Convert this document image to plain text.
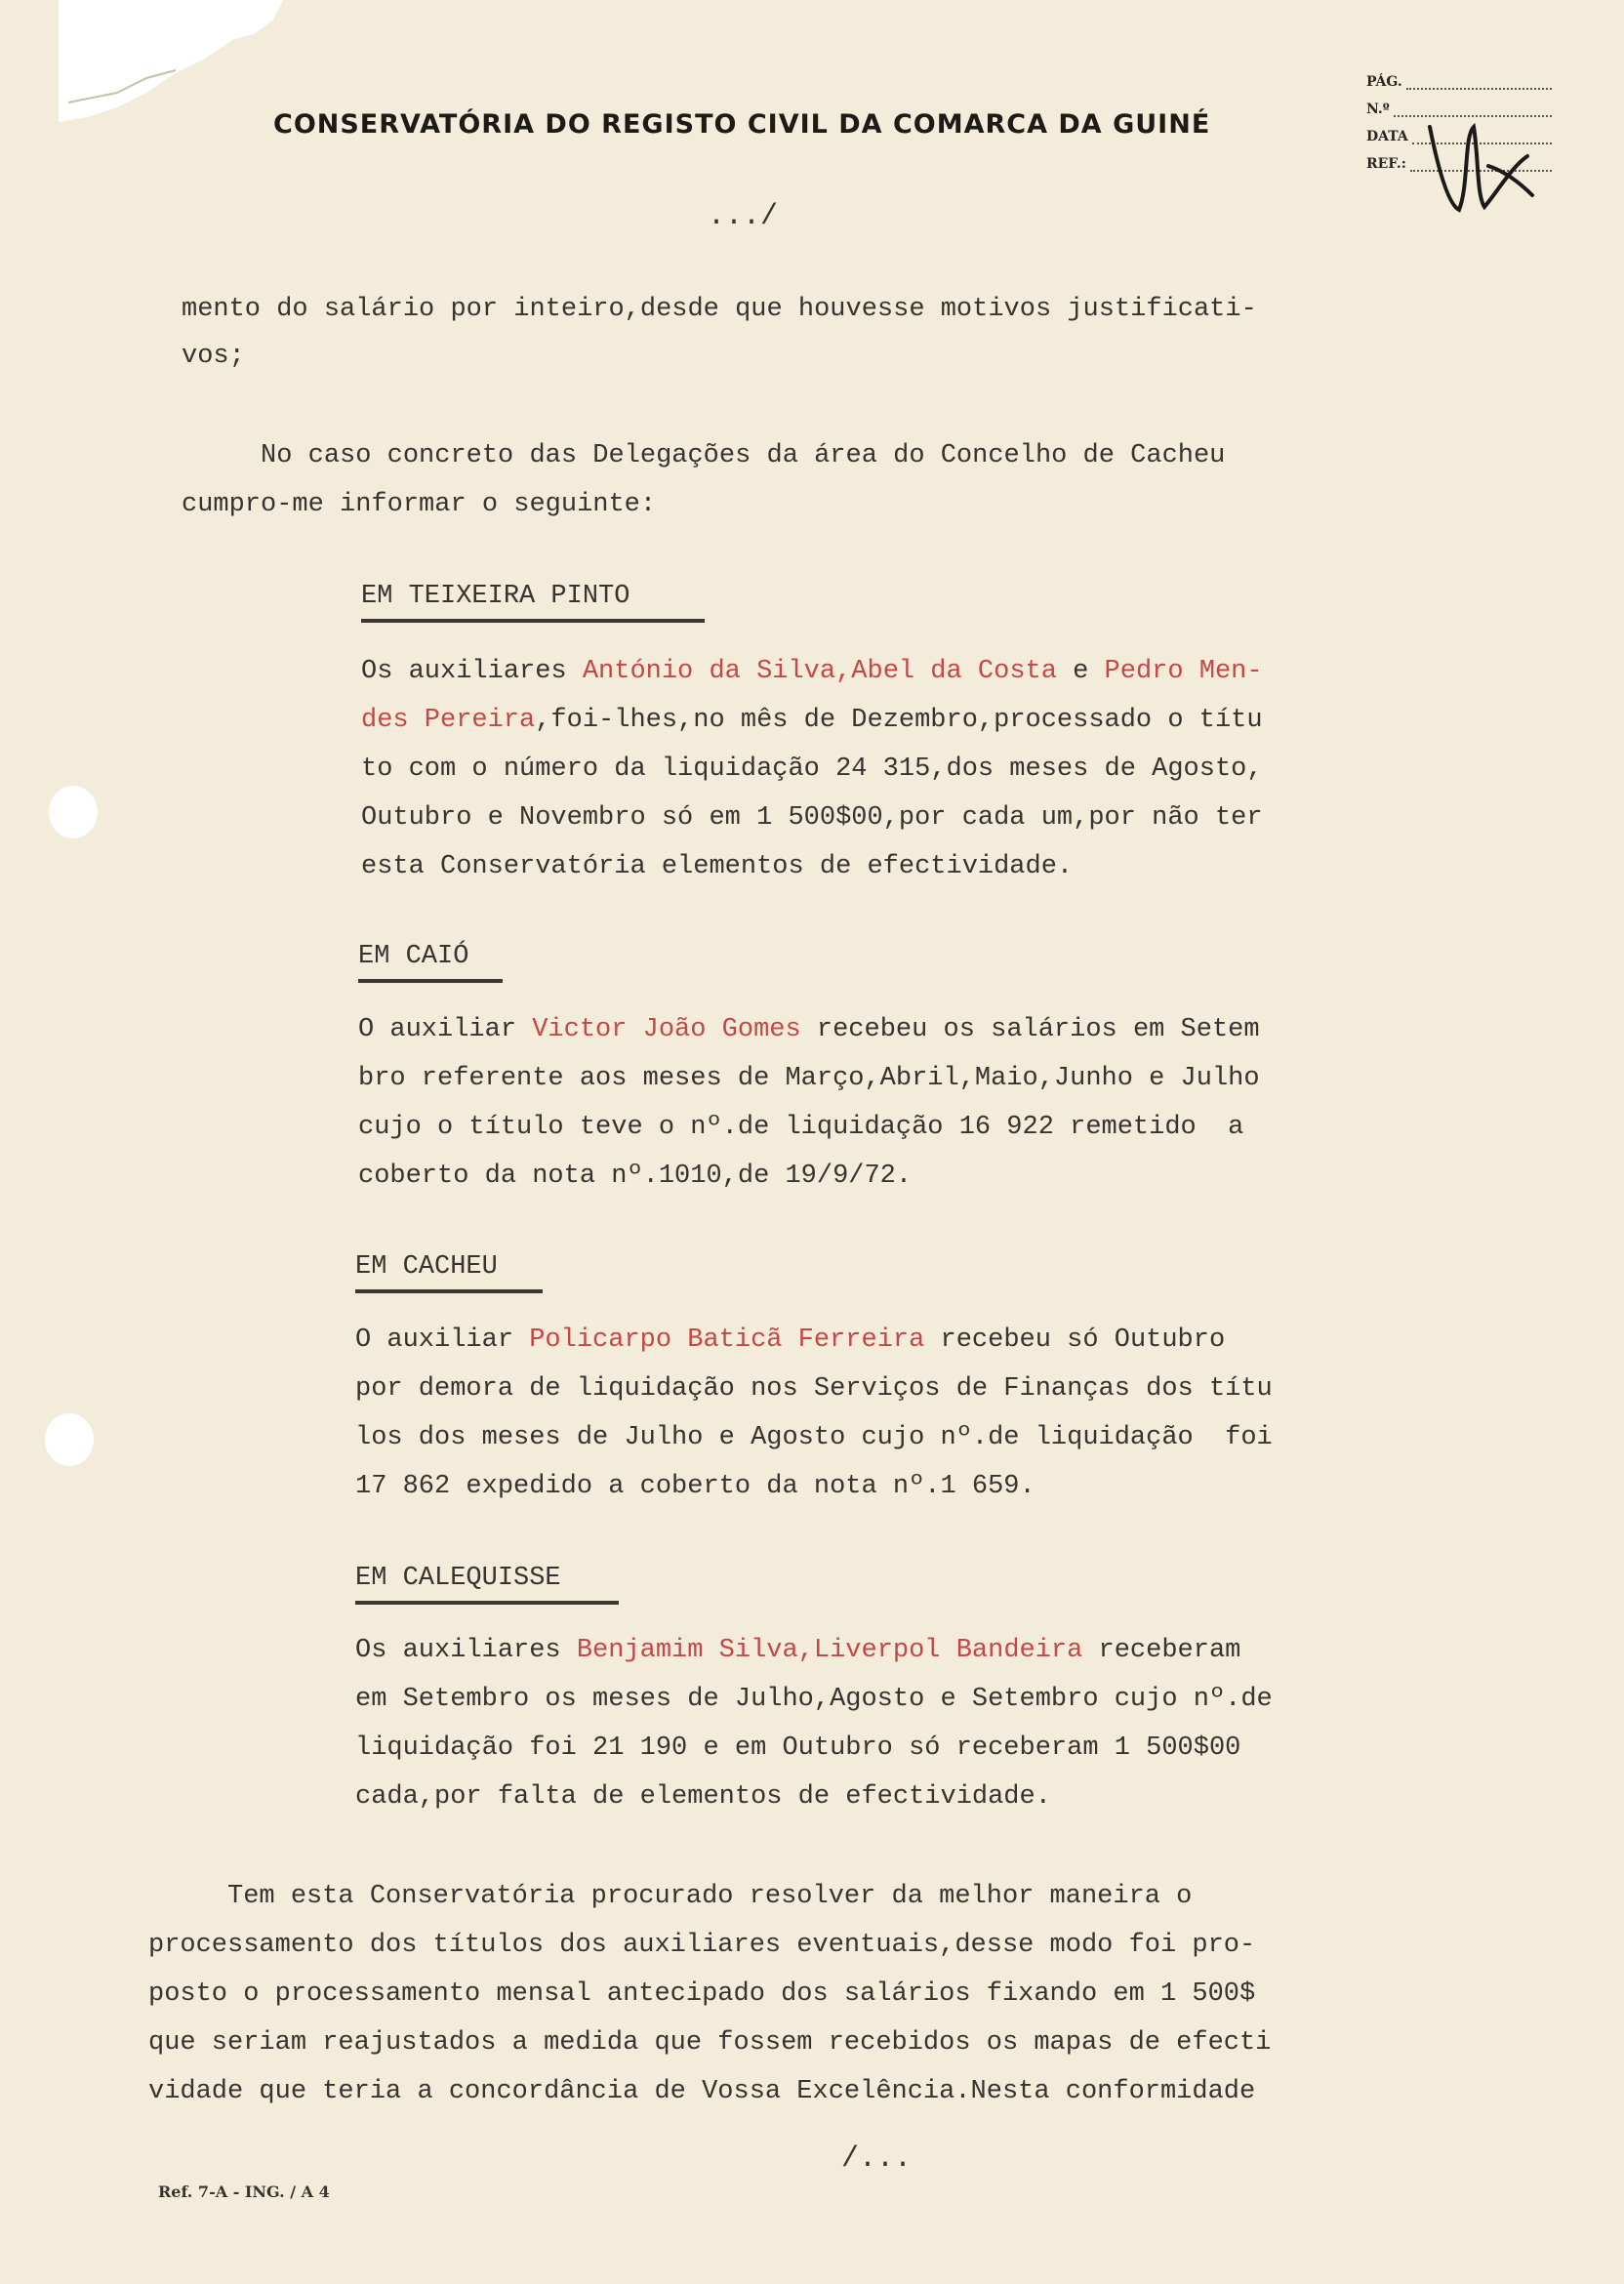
CONSERVATÓRIA DO REGISTO CIVIL DA COMARCA DA GUINÉ
PÁG.
N.º
DATA
REF.:
.../
mento do salário por inteiro,desde que houvesse motivos justificati-
vos;
No caso concreto das Delegações da área do Concelho de Cacheu
cumpro-me informar o seguinte:
EM TEIXEIRA PINTO
Os auxiliares António da Silva,Abel da Costa e Pedro Men-
des Pereira,foi-lhes,no mês de Dezembro,processado o títu
to com o número da liquidação 24 315,dos meses de Agosto,
Outubro e Novembro só em 1 500$00,por cada um,por não ter
esta Conservatória elementos de efectividade.
EM CAIÓ
O auxiliar Victor João Gomes recebeu os salários em Setem
bro referente aos meses de Março,Abril,Maio,Junho e Julho
cujo o título teve o nº.de liquidação 16 922 remetido  a
coberto da nota nº.1010,de 19/9/72.
EM CACHEU
O auxiliar Policarpo Baticã Ferreira recebeu só Outubro
por demora de liquidação nos Serviços de Finanças dos títu
los dos meses de Julho e Agosto cujo nº.de liquidação  foi
17 862 expedido a coberto da nota nº.1 659.
EM CALEQUISSE
Os auxiliares Benjamim Silva,Liverpol Bandeira receberam
em Setembro os meses de Julho,Agosto e Setembro cujo nº.de
liquidação foi 21 190 e em Outubro só receberam 1 500$00
cada,por falta de elementos de efectividade.
Tem esta Conservatória procurado resolver da melhor maneira o
processamento dos títulos dos auxiliares eventuais,desse modo foi pro-
posto o processamento mensal antecipado dos salários fixando em 1 500$
que seriam reajustados a medida que fossem recebidos os mapas de efecti
vidade que teria a concordância de Vossa Excelência.Nesta conformidade
/...
Ref. 7-A - ING. / A 4
